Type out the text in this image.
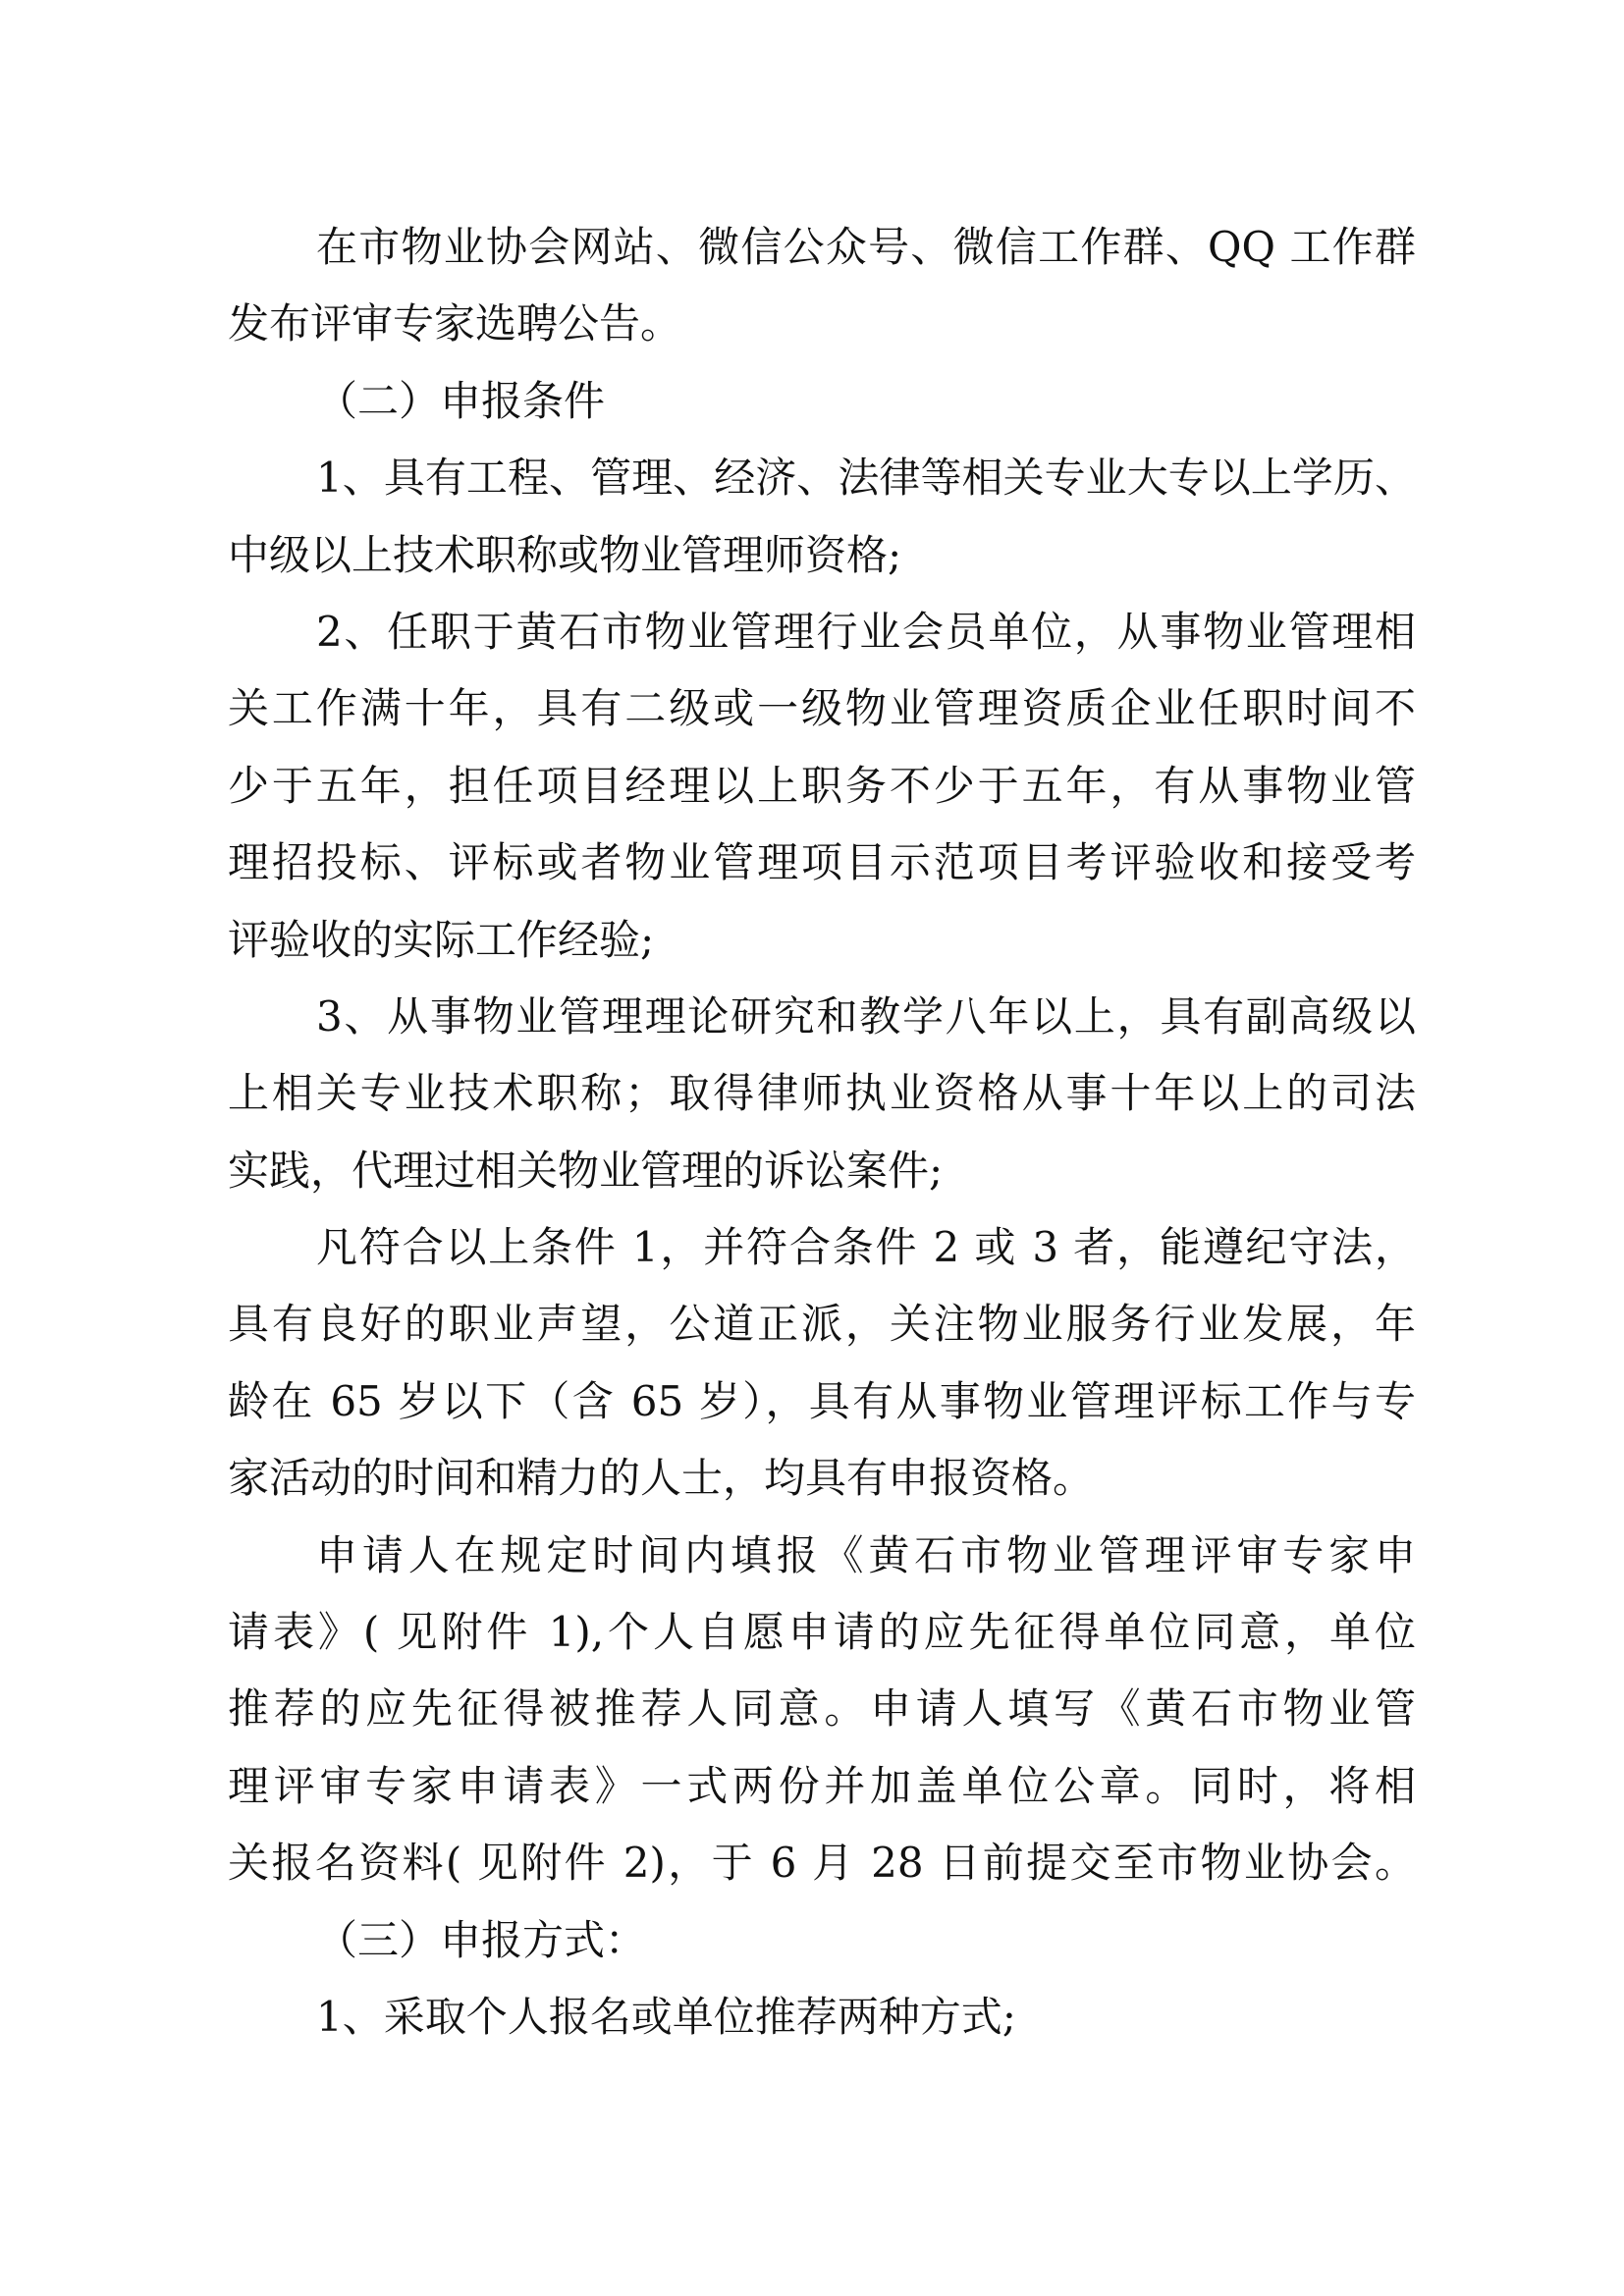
在市物业协会网站、微信公众号、微信工作群、QQ 工作群
发布评审专家选聘公告。
（二）申报条件
1、具有工程、管理、经济、法律等相关专业大专以上学历、
中级以上技术职称或物业管理师资格;
2、任职于黄石市物业管理行业会员单位，从事物业管理相
关工作满十年，具有二级或一级物业管理资质企业任职时间不
少于五年，担任项目经理以上职务不少于五年，有从事物业管
理招投标、评标或者物业管理项目示范项目考评验收和接受考
评验收的实际工作经验;
3、从事物业管理理论研究和教学八年以上，具有副高级以
上相关专业技术职称；取得律师执业资格从事十年以上的司法
实践，代理过相关物业管理的诉讼案件;
凡符合以上条件 1，并符合条件 2 或 3 者，能遵纪守法，
具有良好的职业声望，公道正派，关注物业服务行业发展，年
龄在 65 岁以下（含 65 岁），具有从事物业管理评标工作与专
家活动的时间和精力的人士，均具有申报资格。
申请人在规定时间内填报《黄石市物业管理评审专家申
请表》( 见附件 1),个人自愿申请的应先征得单位同意，单位
推荐的应先征得被推荐人同意。申请人填写《黄石市物业管
理评审专家申请表》一式两份并加盖单位公章。同时，将相
关报名资料( 见附件 2)，于 6 月 28 日前提交至市物业协会。
（三）申报方式：
1、采取个人报名或单位推荐两种方式;
